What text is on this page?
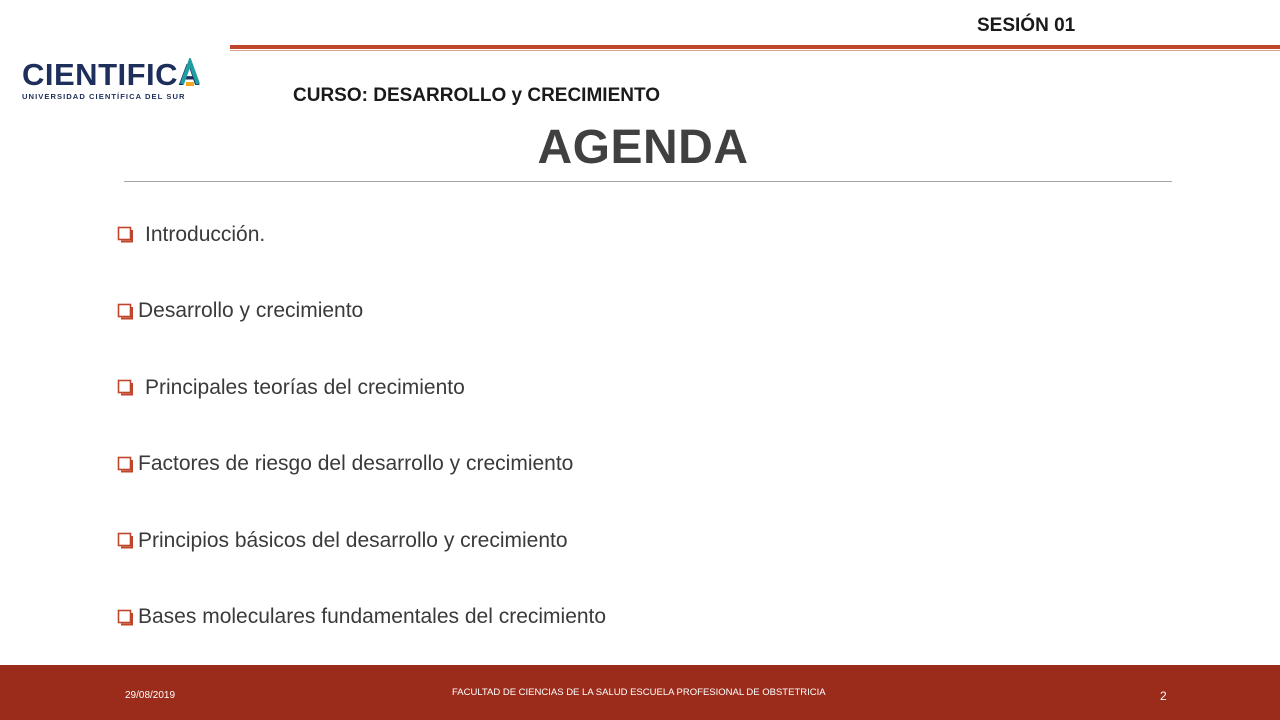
SESIÓN 01
CIENTIFICA
UNIVERSIDAD CIENTÍFICA DEL SUR	CURSO: DESARROLLO y CRECIMIENTO
AGENDA
Introducción.
Desarrollo y crecimiento
Principales teorías del crecimiento
Factores de riesgo del desarrollo y crecimiento
Principios básicos del desarrollo y crecimiento
Bases moleculares fundamentales del crecimiento
29/08/2019	FACULTAD DE CIENCIAS DE LA SALUD ESCUELA PROFESIONAL DE OBSTETRICIA	2
